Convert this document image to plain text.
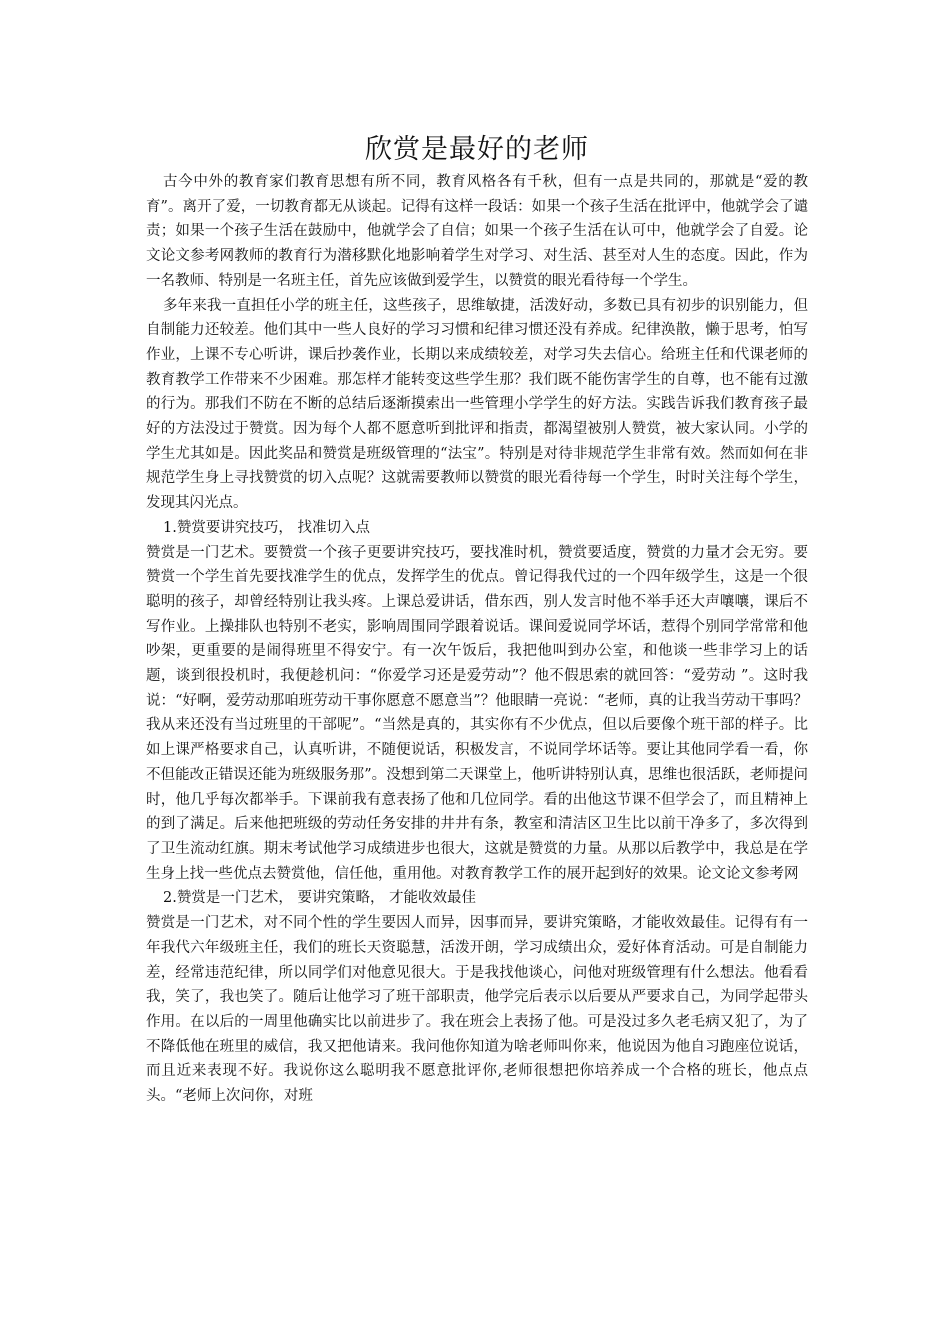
欣赏是最好的老师

古今中外的教育家们教育思想有所不同，教育风格各有千秋，但有一点是共同的，那就是“爱的教育”。离开了爱，一切教育都无从谈起。记得有这样一段话：如果一个孩子生活在批评中，他就学会了谴责；如果一个孩子生活在鼓励中，他就学会了自信；如果一个孩子生活在认可中，他就学会了自爱。论文论文参考网教师的教育行为潜移默化地影响着学生对学习、对生活、甚至对人生的态度。因此，作为一名教师、特别是一名班主任，首先应该做到爱学生，以赞赏的眼光看待每一个学生。

多年来我一直担任小学的班主任，这些孩子，思维敏捷，活泼好动，多数已具有初步的识别能力，但自制能力还较差。他们其中一些人良好的学习习惯和纪律习惯还没有养成。纪律涣散，懒于思考，怕写作业，上课不专心听讲，课后抄袭作业，长期以来成绩较差，对学习失去信心。给班主任和代课老师的教育教学工作带来不少困难。那怎样才能转变这些学生那？我们既不能伤害学生的自尊，也不能有过激的行为。那我们不防在不断的总结后逐渐摸索出一些管理小学学生的好方法。实践告诉我们教育孩子最好的方法没过于赞赏。因为每个人都不愿意听到批评和指责，都渴望被别人赞赏，被大家认同。小学的学生尤其如是。因此奖品和赞赏是班级管理的“法宝”。特别是对待非规范学生非常有效。然而如何在非规范学生身上寻找赞赏的切入点呢？这就需要教师以赞赏的眼光看待每一个学生，时时关注每个学生，发现其闪光点。

1.赞赏要讲究技巧， 找准切入点

赞赏是一门艺术。要赞赏一个孩子更要讲究技巧，要找准时机，赞赏要适度，赞赏的力量才会无穷。要赞赏一个学生首先要找准学生的优点，发挥学生的优点。曾记得我代过的一个四年级学生，这是一个很聪明的孩子，却曾经特别让我头疼。上课总爱讲话，借东西，别人发言时他不举手还大声嚷嚷，课后不写作业。上操排队也特别不老实，影响周围同学跟着说话。课间爱说同学坏话，惹得个别同学常常和他吵架，更重要的是闹得班里不得安宁。有一次午饭后，我把他叫到办公室，和他谈一些非学习上的话题，谈到很投机时，我便趁机问：“你爱学习还是爱劳动”？他不假思索的就回答：“爱劳动 ”。这时我说：“好啊，爱劳动那咱班劳动干事你愿意不愿意当”？他眼睛一亮说：“老师，真的让我当劳动干事吗？我从来还没有当过班里的干部呢”。“当然是真的，其实你有不少优点，但以后要像个班干部的样子。比如上课严格要求自己，认真听讲，不随便说话，积极发言，不说同学坏话等。要让其他同学看一看，你不但能改正错误还能为班级服务那”。没想到第二天课堂上，他听讲特别认真，思维也很活跃，老师提问时，他几乎每次都举手。下课前我有意表扬了他和几位同学。看的出他这节课不但学会了，而且精神上的到了满足。后来他把班级的劳动任务安排的井井有条，教室和清洁区卫生比以前干净多了，多次得到了卫生流动红旗。期末考试他学习成绩进步也很大，这就是赞赏的力量。从那以后教学中，我总是在学生身上找一些优点去赞赏他，信任他，重用他。对教育教学工作的展开起到好的效果。论文论文参考网

2.赞赏是一门艺术， 要讲究策略， 才能收效最佳

赞赏是一门艺术，对不同个性的学生要因人而异，因事而异，要讲究策略，才能收效最佳。记得有有一年我代六年级班主任，我们的班长天资聪慧，活泼开朗，学习成绩出众，爱好体育活动。可是自制能力差，经常违范纪律，所以同学们对他意见很大。于是我找他谈心，问他对班级管理有什么想法。他看看我，笑了，我也笑了。随后让他学习了班干部职责，他学完后表示以后要从严要求自己，为同学起带头作用。在以后的一周里他确实比以前进步了。我在班会上表扬了他。可是没过多久老毛病又犯了，为了不降低他在班里的威信，我又把他请来。我问他你知道为啥老师叫你来，他说因为他自习跑座位说话，而且近来表现不好。我说你这么聪明我不愿意批评你,老师很想把你培养成一个合格的班长，他点点头。“老师上次问你，对班
